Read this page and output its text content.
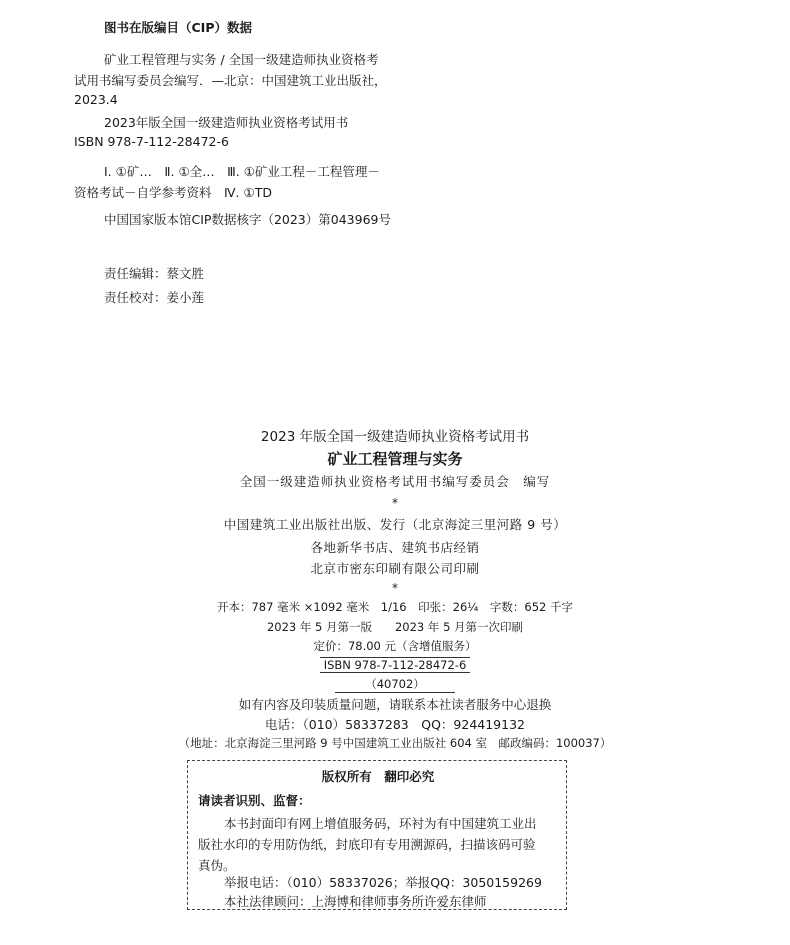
图书在版编目（CIP）数据
矿业工程管理与实务 / 全国一级建造师执业资格考
试用书编写委员会编写．—北京：中国建筑工业出版社，
2023.4
2023年版全国一级建造师执业资格考试用书
ISBN 978-7-112-28472-6
Ⅰ. ①矿…　Ⅱ. ①全…　Ⅲ. ①矿业工程－工程管理－
资格考试－自学参考资料　Ⅳ. ①TD
中国国家版本馆CIP数据核字（2023）第043969号
责任编辑：蔡文胜
责任校对：姜小莲
2023 年版全国一级建造师执业资格考试用书
矿业工程管理与实务
全国一级建造师执业资格考试用书编写委员会　编写
*
中国建筑工业出版社出版、发行（北京海淀三里河路 9 号）
各地新华书店、建筑书店经销
北京市密东印刷有限公司印刷
*
开本：787 毫米 ×1092 毫米　1/16　印张：26¼　字数：652 千字
2023 年 5 月第一版　　2023 年 5 月第一次印刷
定价：78.00 元（含增值服务）
ISBN 978-7-112-28472-6
（40702）
如有内容及印装质量问题，请联系本社读者服务中心退换
电话：（010）58337283　QQ：924419132
（地址：北京海淀三里河路 9 号中国建筑工业出版社 604 室　邮政编码：100037）
版权所有　翻印必究
请读者识别、监督：
本书封面印有网上增值服务码，环衬为有中国建筑工业出
版社水印的专用防伪纸，封底印有专用溯源码，扫描该码可验
真伪。
举报电话：（010）58337026；举报QQ：3050159269
本社法律顾问：上海博和律师事务所许爱东律师
